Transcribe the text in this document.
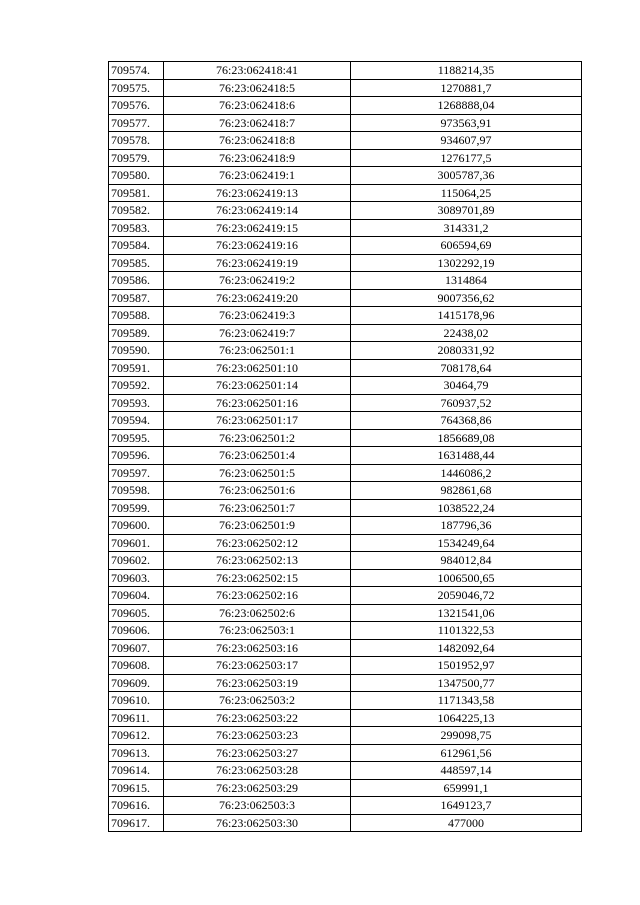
709574.	76:23:062418:41	1188214,35
709575.	76:23:062418:5	1270881,7
709576.	76:23:062418:6	1268888,04
709577.	76:23:062418:7	973563,91
709578.	76:23:062418:8	934607,97
709579.	76:23:062418:9	1276177,5
709580.	76:23:062419:1	3005787,36
709581.	76:23:062419:13	115064,25
709582.	76:23:062419:14	3089701,89
709583.	76:23:062419:15	314331,2
709584.	76:23:062419:16	606594,69
709585.	76:23:062419:19	1302292,19
709586.	76:23:062419:2	1314864
709587.	76:23:062419:20	9007356,62
709588.	76:23:062419:3	1415178,96
709589.	76:23:062419:7	22438,02
709590.	76:23:062501:1	2080331,92
709591.	76:23:062501:10	708178,64
709592.	76:23:062501:14	30464,79
709593.	76:23:062501:16	760937,52
709594.	76:23:062501:17	764368,86
709595.	76:23:062501:2	1856689,08
709596.	76:23:062501:4	1631488,44
709597.	76:23:062501:5	1446086,2
709598.	76:23:062501:6	982861,68
709599.	76:23:062501:7	1038522,24
709600.	76:23:062501:9	187796,36
709601.	76:23:062502:12	1534249,64
709602.	76:23:062502:13	984012,84
709603.	76:23:062502:15	1006500,65
709604.	76:23:062502:16	2059046,72
709605.	76:23:062502:6	1321541,06
709606.	76:23:062503:1	1101322,53
709607.	76:23:062503:16	1482092,64
709608.	76:23:062503:17	1501952,97
709609.	76:23:062503:19	1347500,77
709610.	76:23:062503:2	1171343,58
709611.	76:23:062503:22	1064225,13
709612.	76:23:062503:23	299098,75
709613.	76:23:062503:27	612961,56
709614.	76:23:062503:28	448597,14
709615.	76:23:062503:29	659991,1
709616.	76:23:062503:3	1649123,7
709617.	76:23:062503:30	477000
